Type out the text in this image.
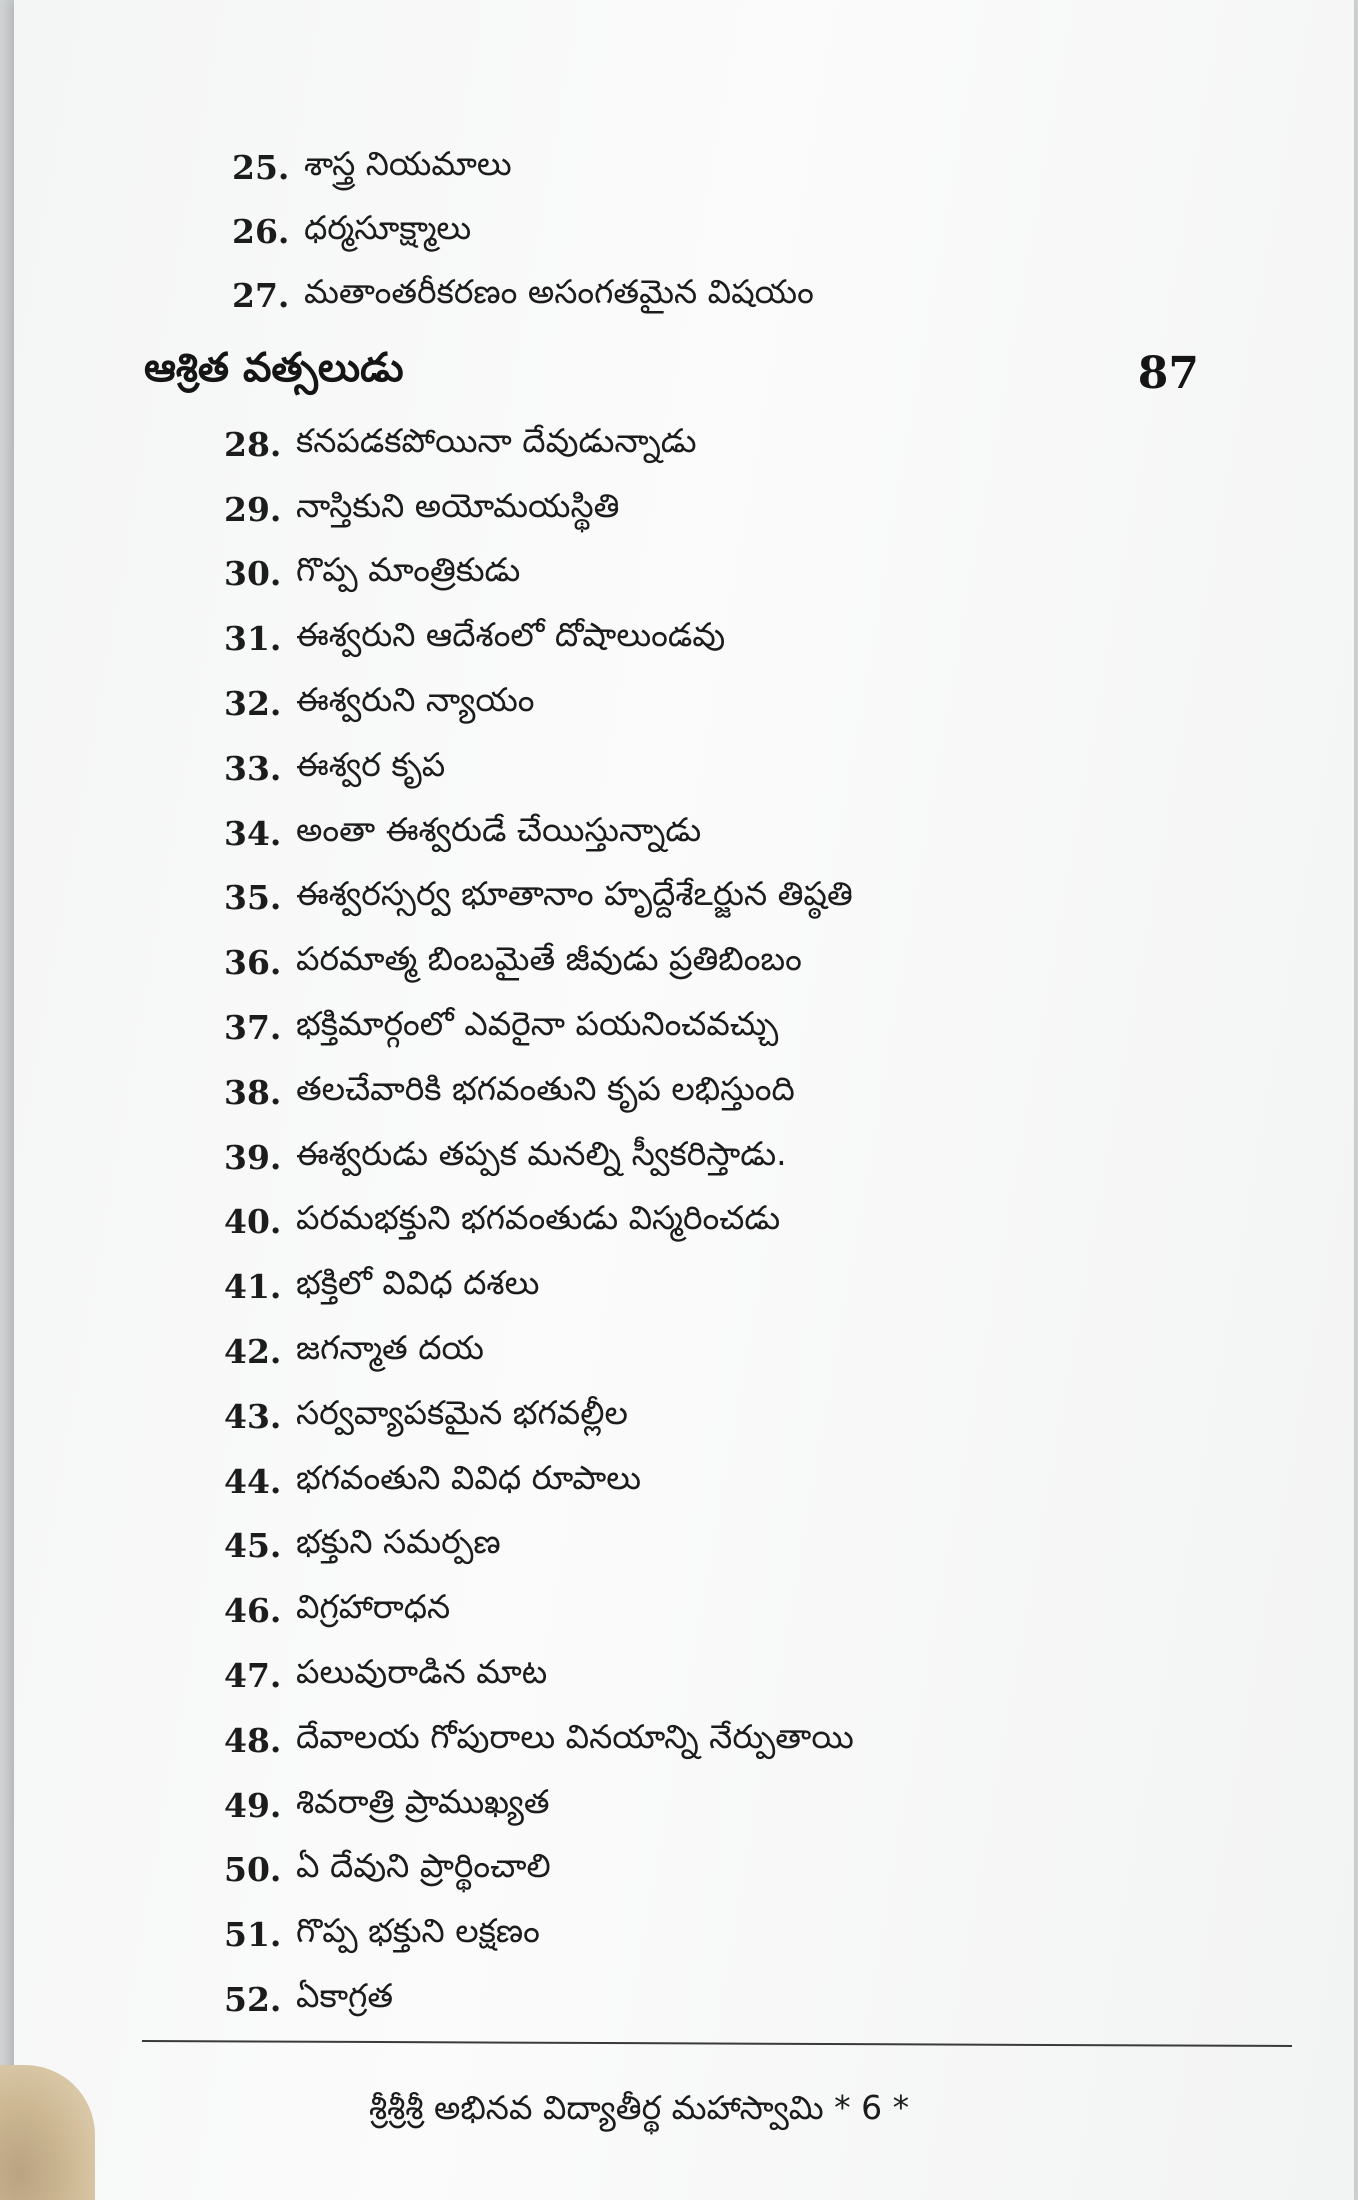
25. శాస్త్ర నియమాలు
26. ధర్మసూక్ష్మాలు
27. మతాంతరీకరణం అసంగతమైన విషయం
ఆశ్రిత వత్సలుడు	87
28. కనపడకపోయినా దేవుడున్నాడు
29. నాస్తికుని అయోమయస్థితి
30. గొప్ప మాంత్రికుడు
31. ఈశ్వరుని ఆదేశంలో దోషాలుండవు
32. ఈశ్వరుని న్యాయం
33. ఈశ్వర కృప
34. అంతా ఈశ్వరుడే చేయిస్తున్నాడు
35. ఈశ్వరస్సర్వ భూతానాం హృద్దేశేఽర్జున తిష్ఠతి
36. పరమాత్మ బింబమైతే జీవుడు ప్రతిబింబం
37. భక్తిమార్గంలో ఎవరైనా పయనించవచ్చు
38. తలచేవారికి భగవంతుని కృప లభిస్తుంది
39. ఈశ్వరుడు తప్పక మనల్ని స్వీకరిస్తాడు.
40. పరమభక్తుని భగవంతుడు విస్మరించడు
41. భక్తిలో వివిధ దశలు
42. జగన్మాత దయ
43. సర్వవ్యాపకమైన భగవల్లీల
44. భగవంతుని వివిధ రూపాలు
45. భక్తుని సమర్పణ
46. విగ్రహారాధన
47. పలువురాడిన మాట
48. దేవాలయ గోపురాలు వినయాన్ని నేర్పుతాయి
49. శివరాత్రి ప్రాముఖ్యత
50. ఏ దేవుని ప్రార్థించాలి
51. గొప్ప భక్తుని లక్షణం
52. ఏకాగ్రత
శ్రీశ్రీశ్రీ అభినవ విద్యాతీర్థ మహాస్వామి * 6 *
